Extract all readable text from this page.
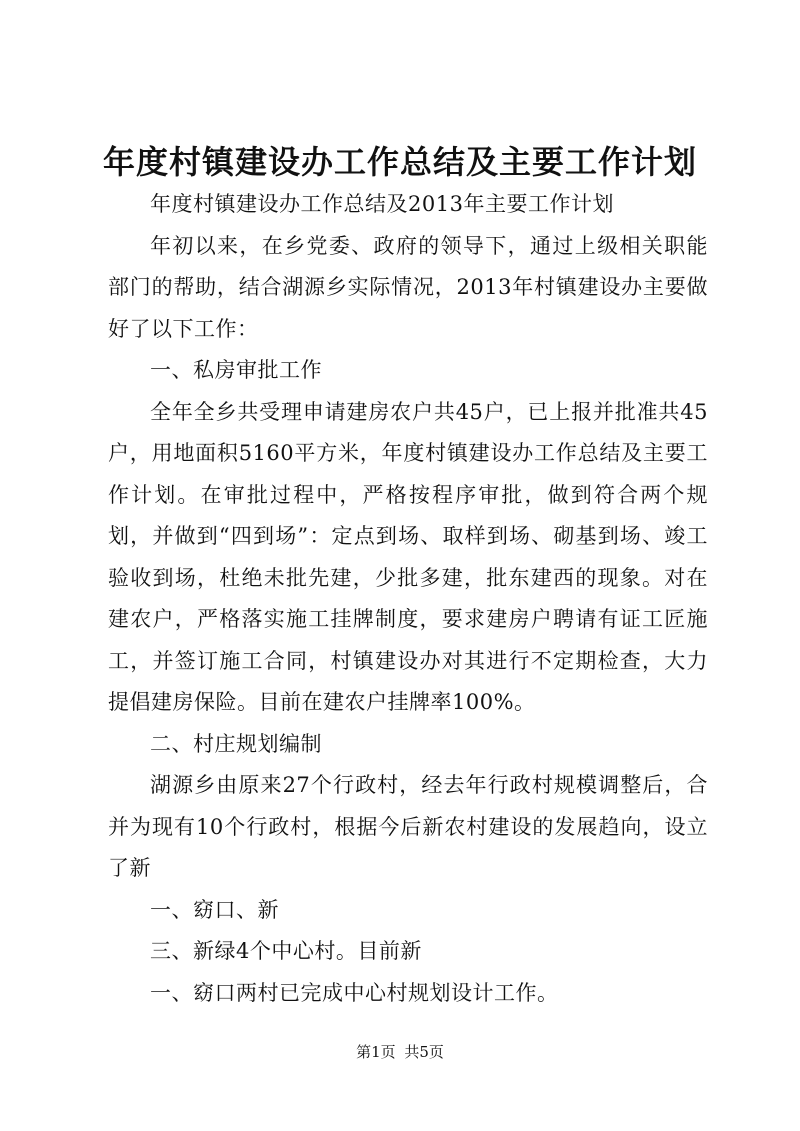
年度村镇建设办工作总结及主要工作计划

年度村镇建设办工作总结及2013年主要工作计划

年初以来，在乡党委、政府的领导下，通过上级相关职能部门的帮助，结合湖源乡实际情况，2013年村镇建设办主要做好了以下工作：

一、私房审批工作

全年全乡共受理申请建房农户共45户，已上报并批准共45户，用地面积5160平方米，年度村镇建设办工作总结及主要工作计划。在审批过程中，严格按程序审批，做到符合两个规划，并做到“四到场”：定点到场、取样到场、砌基到场、竣工验收到场，杜绝未批先建，少批多建，批东建西的现象。对在建农户，严格落实施工挂牌制度，要求建房户聘请有证工匠施工，并签订施工合同，村镇建设办对其进行不定期检查，大力提倡建房保险。目前在建农户挂牌率100%。

二、村庄规划编制

湖源乡由原来27个行政村，经去年行政村规模调整后，合并为现有10个行政村，根据今后新农村建设的发展趋向，设立了新

一、窈口、新

三、新绿4个中心村。目前新

一、窈口两村已完成中心村规划设计工作。

第1页 共5页
